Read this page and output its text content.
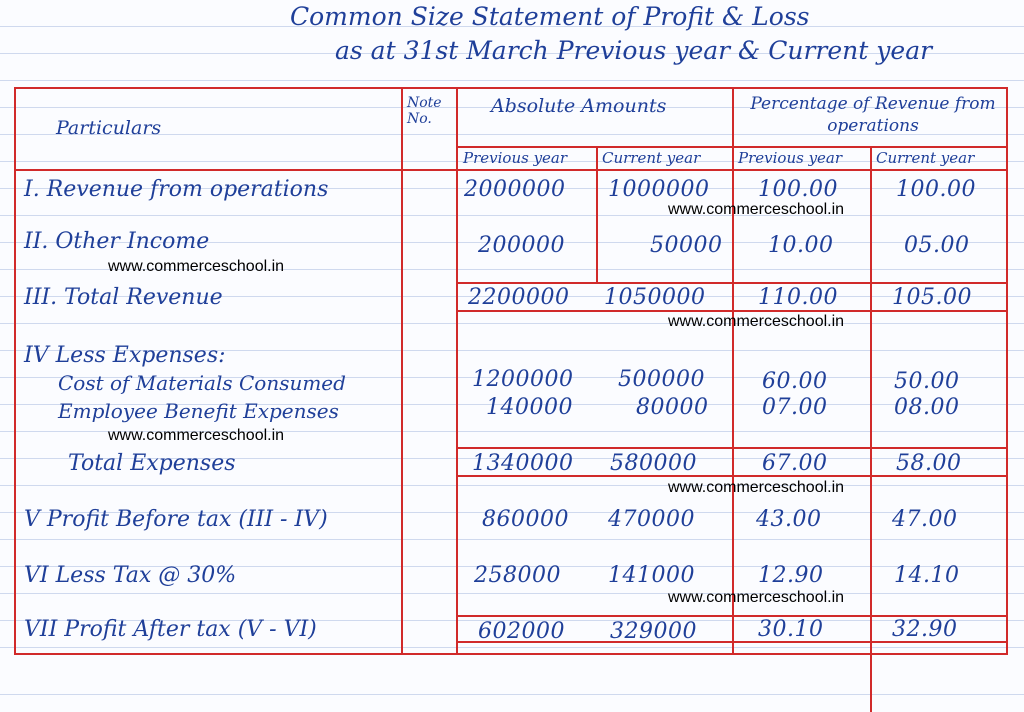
Common Size Statement of Profit & Loss
as at 31st March Previous year & Current year
Particulars
Note No.
Absolute Amounts	Percentage of Revenue from operations
Previous year Current year	Previous year Current year
I. Revenue from operations	2000000 1000000 100.00	100.00
II. Other Income	200000	50000 10.00	05.00
III. Total Revenue	2200000 1050000 110.00 105.00
IV Less Expenses:
Cost of Materials Consumed	1200000 500000	60.00	50.00
Employee Benefit Expenses	140000	80000 07.00	08.00
Total Expenses	1340000 580000	67.00	58.00
V Profit Before tax (III - IV)	860000 470000	43.00	47.00
VI Less Tax @ 30%	258000 141000	12.90	14.10
VII Profit After tax (V - VI)	602000 329000	30.10	32.90
www.commerceschool.in
www.commerceschool.in
www.commerceschool.in
www.commerceschool.in
www.commerceschool.in
www.commerceschool.in
